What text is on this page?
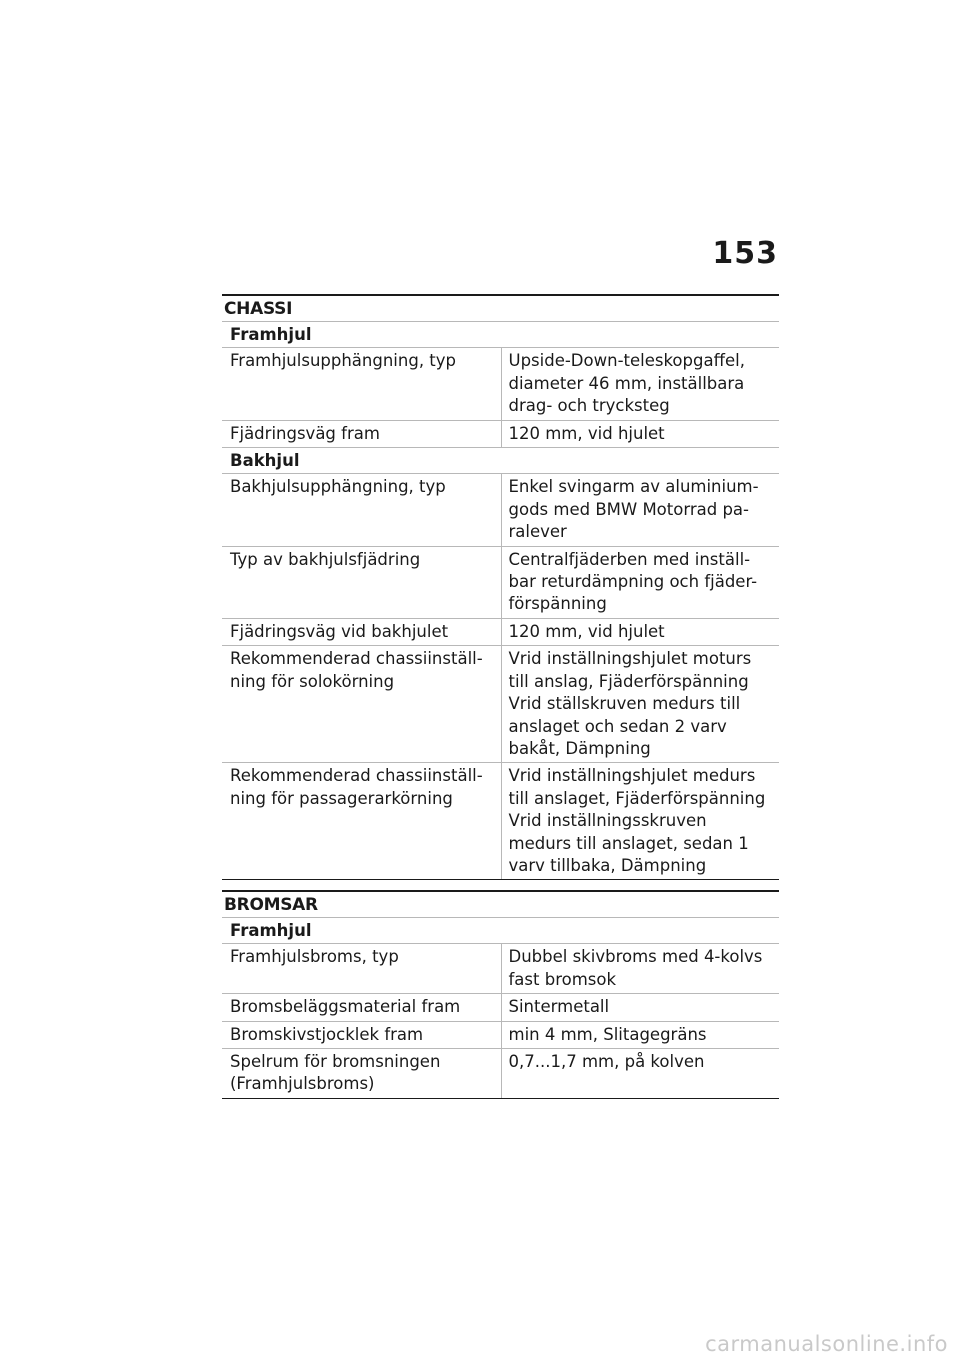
153
CHASSI
Framhjul	
Framhjulsupphängning, typ	Upside-Down-teleskopgaffel, diameter 46 mm, inställbara drag- och trycksteg
Fjädringsväg fram	120 mm, vid hjulet
Bakhjul	
Bakhjulsupphängning, typ	Enkel svingarm av aluminium-gods med BMW Motorrad pa-ralever
Typ av bakhjulsfjädring	Centralfjäderben med inställ-bar returdämpning och fjäder-förspänning
Fjädringsväg vid bakhjulet	120 mm, vid hjulet
Rekommenderad chassiinställ-ning för solokörning	Vrid inställningshjulet moturs till anslag, Fjäderförspänning Vrid ställskruven medurs till anslaget och sedan 2 varv bakåt, Dämpning
Rekommenderad chassiinställ-ning för passagerarkörning	Vrid inställningshjulet medurs till anslaget, Fjäderförspänning Vrid inställningsskruven medurs till anslaget, sedan 1 varv tillbaka, Dämpning
BROMSAR
Framhjul	
Framhjulsbroms, typ	Dubbel skivbroms med 4-kolvs fast bromsok
Bromsbeläggsmaterial fram	Sintermetall
Bromskivstjocklek fram	min 4 mm, Slitagegräns
Spelrum för bromsningen (Framhjulsbroms)	0,7...1,7 mm, på kolven
carmanualsonline.info
